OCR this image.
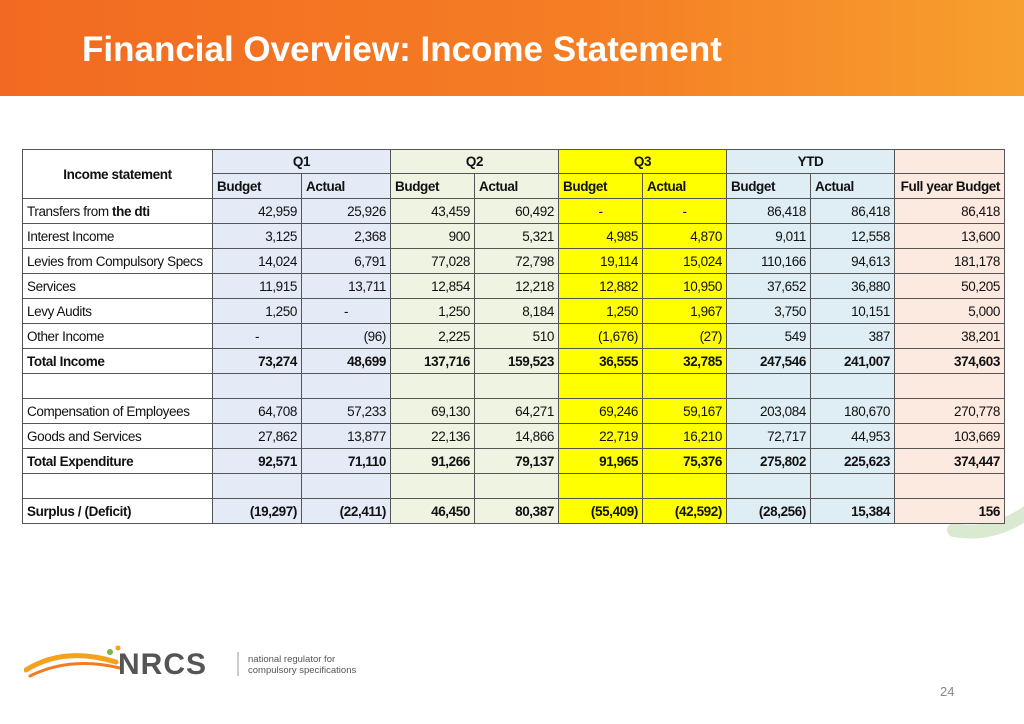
Financial Overview: Income Statement
Income statement	Q1		Q2		Q3		YTD		
	Budget	Actual	Budget	Actual	Budget	Actual	Budget	Actual	Full year Budget
Transfers from the dti	42,959	25,926	43,459	60,492	-	-	86,418	86,418	86,418
Interest Income	3,125	2,368	900	5,321	4,985	4,870	9,011	12,558	13,600
Levies from Compulsory Specs	14,024	6,791	77,028	72,798	19,114	15,024	110,166	94,613	181,178
Services	11,915	13,711	12,854	12,218	12,882	10,950	37,652	36,880	50,205
Levy Audits	1,250	-	1,250	8,184	1,250	1,967	3,750	10,151	5,000
Other Income	-	(96)	2,225	510	(1,676)	(27)	549	387	38,201
Total Income	73,274	48,699	137,716	159,523	36,555	32,785	247,546	241,007	374,603

Compensation of Employees	64,708	57,233	69,130	64,271	69,246	59,167	203,084	180,670	270,778
Goods and Services	27,862	13,877	22,136	14,866	22,719	16,210	72,717	44,953	103,669
Total Expenditure	92,571	71,110	91,266	79,137	91,965	75,376	275,802	225,623	374,447

Surplus / (Deficit)	(19,297)	(22,411)	46,450	80,387	(55,409)	(42,592)	(28,256)	15,384	156
NRCS	national regulator for
compulsory specifications
24
